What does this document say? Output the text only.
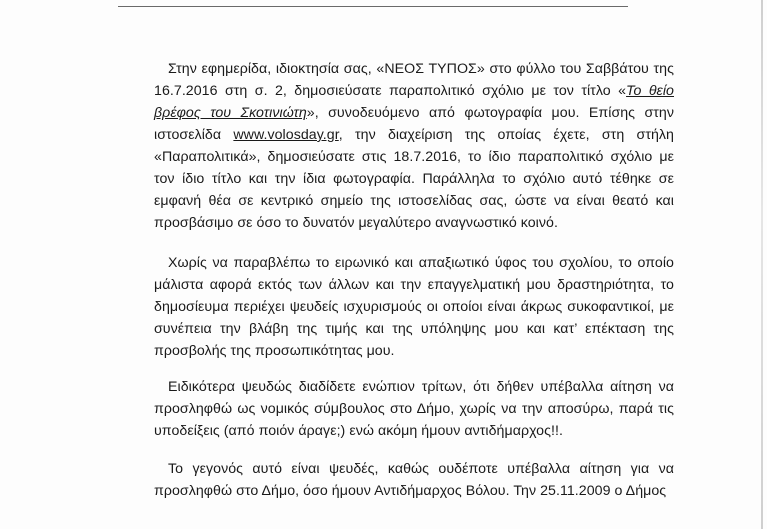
Στην εφημερίδα, ιδιοκτησία σας, «ΝΕΟΣ ΤΥΠΟΣ» στο φύλλο του Σαββάτου της 16.7.2016 στη σ. 2, δημοσιεύσατε παραπολιτικό σχόλιο με τον τίτλο «Το θείο βρέφος του Σκοτινιώτη», συνοδευόμενο από φωτογραφία μου. Επίσης στην ιστοσελίδα www.volosday.gr, την διαχείριση της οποίας έχετε, στη στήλη «Παραπολιτικά», δημοσιεύσατε στις 18.7.2016, το ίδιο παραπολιτικό σχόλιο με τον ίδιο τίτλο και την ίδια φωτογραφία. Παράλληλα το σχόλιο αυτό τέθηκε σε εμφανή θέα σε κεντρικό σημείο της ιστοσελίδας σας, ώστε να είναι θεατό και προσβάσιμο σε όσο το δυνατόν μεγαλύτερο αναγνωστικό κοινό.

Χωρίς να παραβλέπω το ειρωνικό και απαξιωτικό ύφος του σχολίου, το οποίο μάλιστα αφορά εκτός των άλλων και την επαγγελματική μου δραστηριότητα, το δημοσίευμα περιέχει ψευδείς ισχυρισμούς οι οποίοι είναι άκρως συκοφαντικοί, με συνέπεια την βλάβη της τιμής και της υπόληψης μου και κατ’ επέκταση της προσβολής της προσωπικότητας μου.

Ειδικότερα ψευδώς διαδίδετε ενώπιον τρίτων, ότι δήθεν υπέβαλλα αίτηση να προσληφθώ ως νομικός σύμβουλος στο Δήμο, χωρίς να την αποσύρω, παρά τις υποδείξεις (από ποιόν άραγε;) ενώ ακόμη ήμουν αντιδήμαρχος!!.

Το γεγονός αυτό είναι ψευδές, καθώς ουδέποτε υπέβαλλα αίτηση για να προσληφθώ στο Δήμο, όσο ήμουν Αντιδήμαρχος Βόλου. Την 25.11.2009 ο Δήμος
